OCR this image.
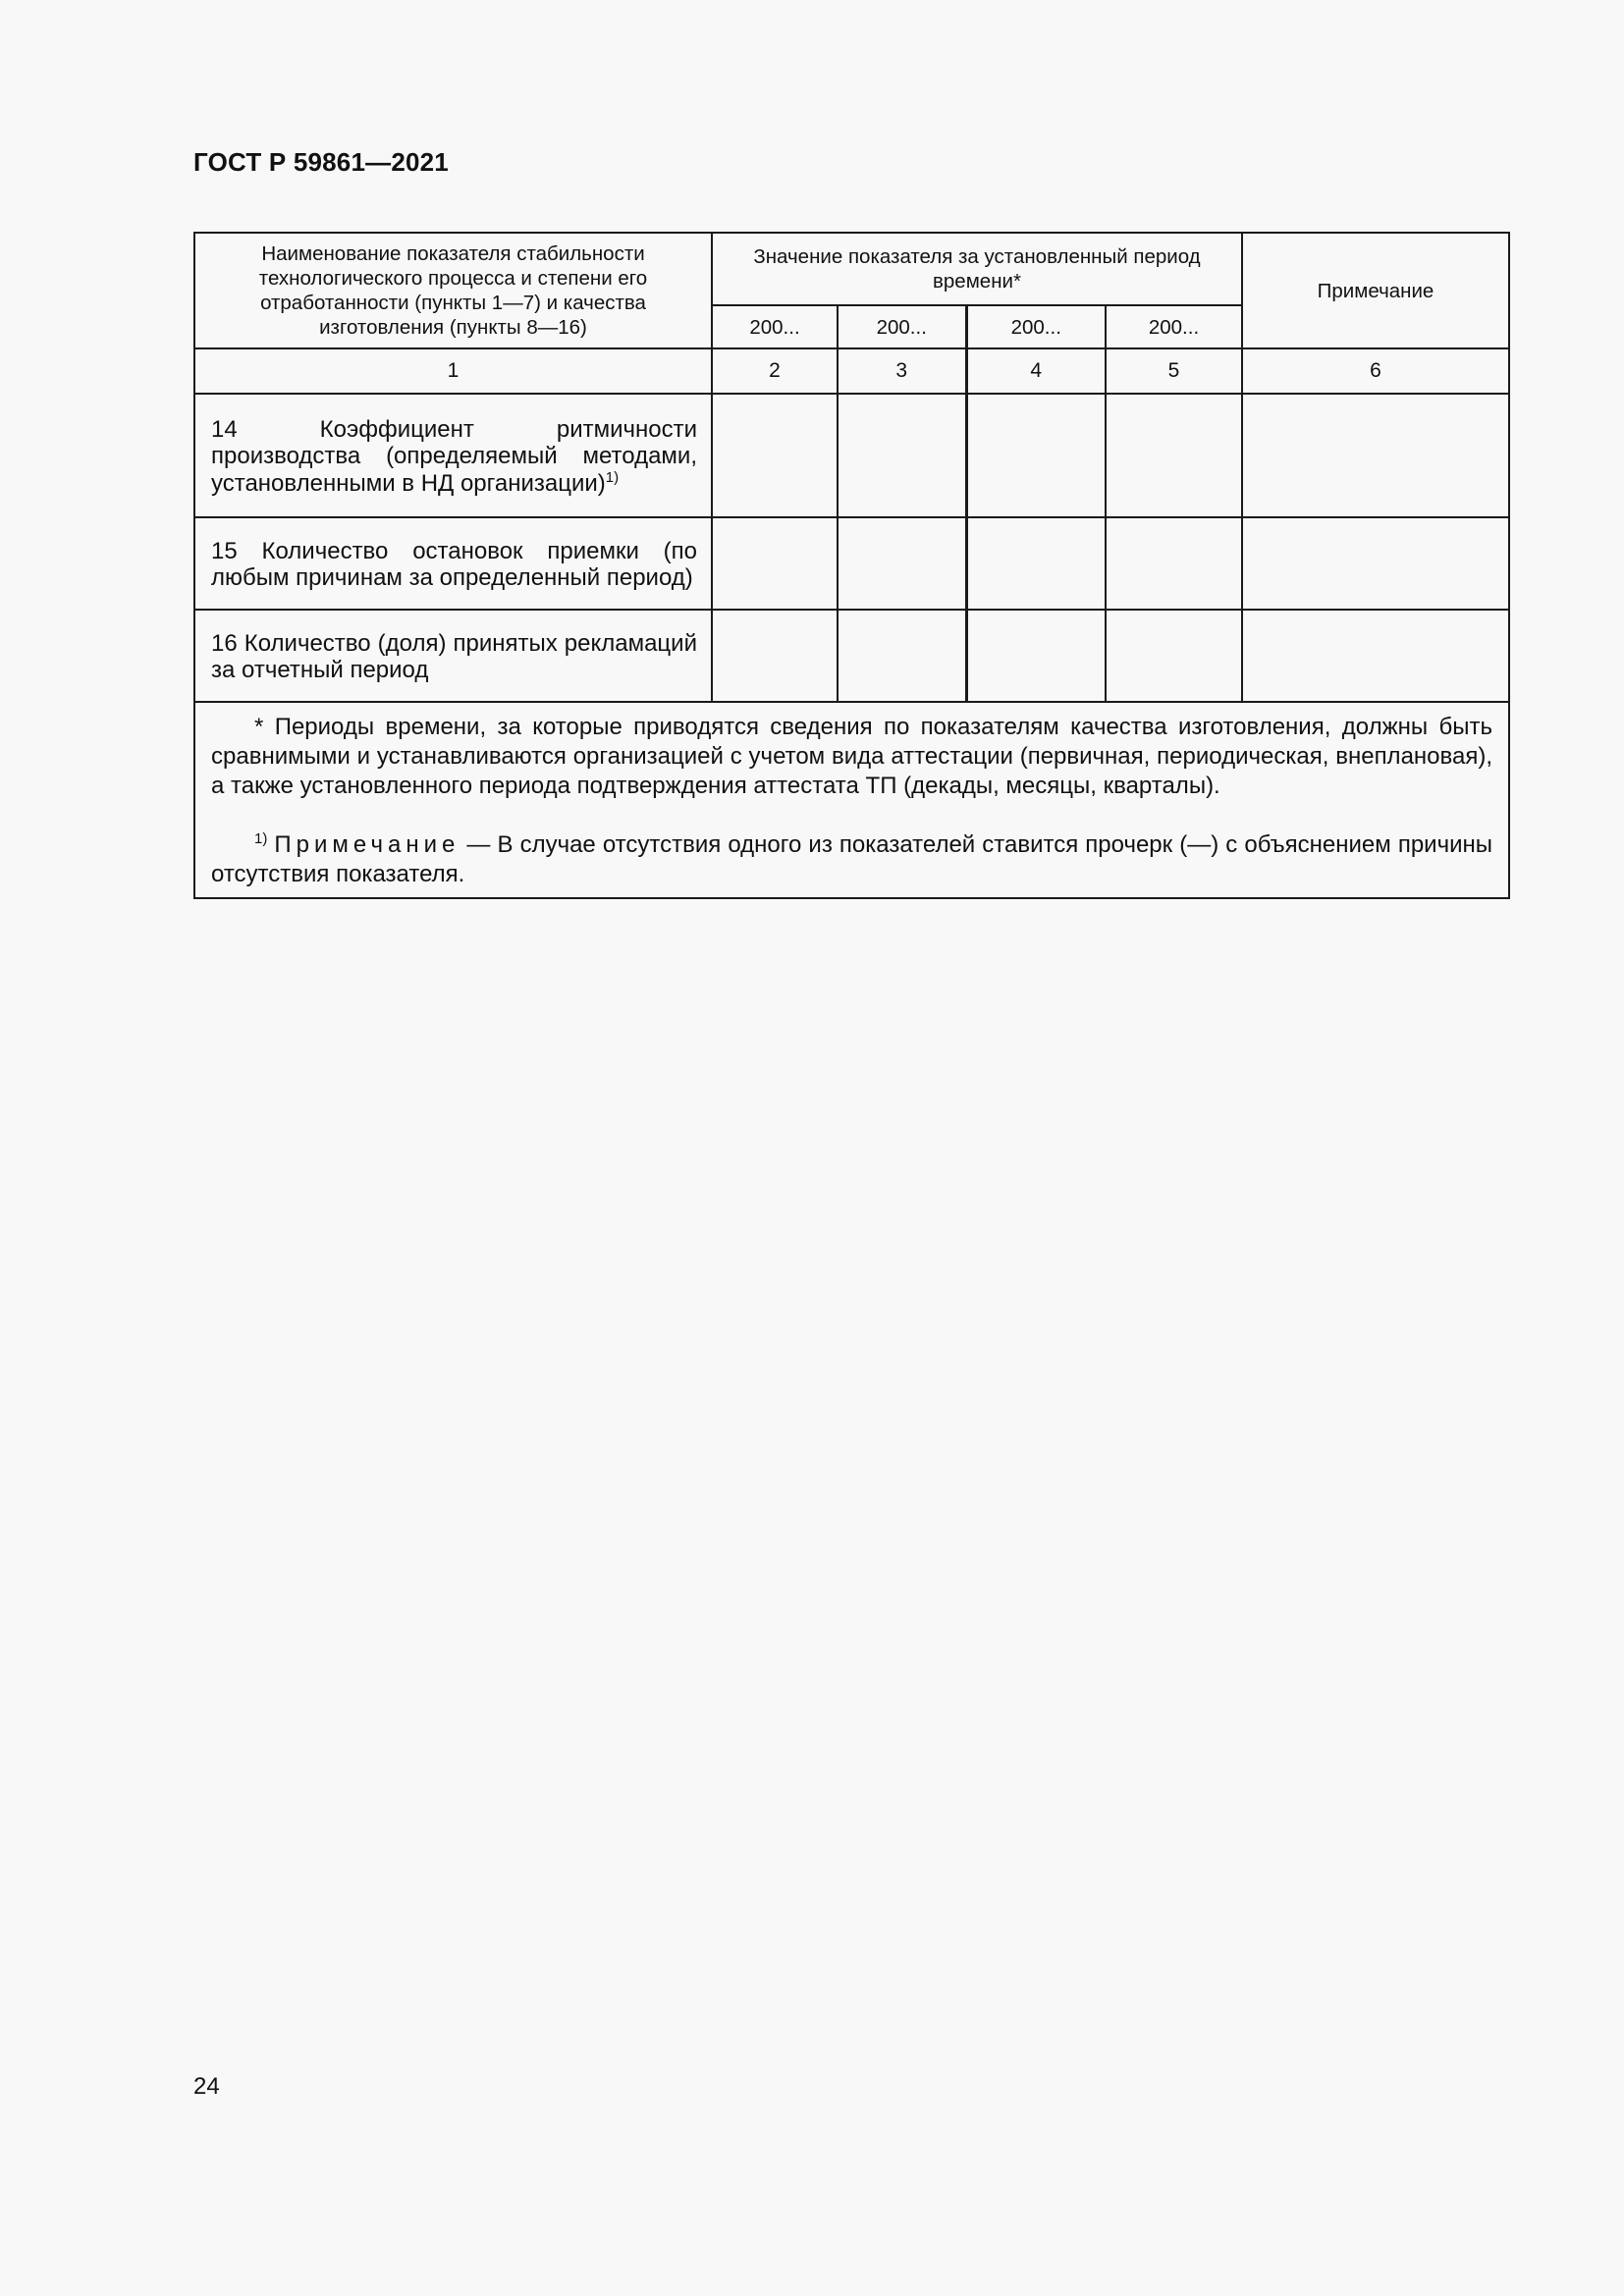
ГОСТ Р 59861—2021
Наименование показателя стабильности технологического процесса и степени его отработанности (пункты 1—7) и качества изготовления (пункты 8—16)	Значение показателя за установленный период времени*				Примечание
	200...	200...	200...	200...	
1	2	3	4	5	6
14 Коэффициент ритмичности производства (определяемый методами, установленными в НД организации)$^{1)}$					
15 Количество остановок приемки (по любым причинам за определенный период)					
16 Количество (доля) принятых рекламаций за отчетный период					

* Периоды времени, за которые приводятся сведения по показателям качества изготовления, должны быть сравнимыми и устанавливаются организацией с учетом вида аттестации (первичная, периодическая, внеплановая), а также установленного периода подтверждения аттестата ТП (декады, месяцы, кварталы).

$^{1)}$ Примечание — В случае отсутствия одного из показателей ставится прочерк (—) с объяснением причины отсутствия показателя.					

24
